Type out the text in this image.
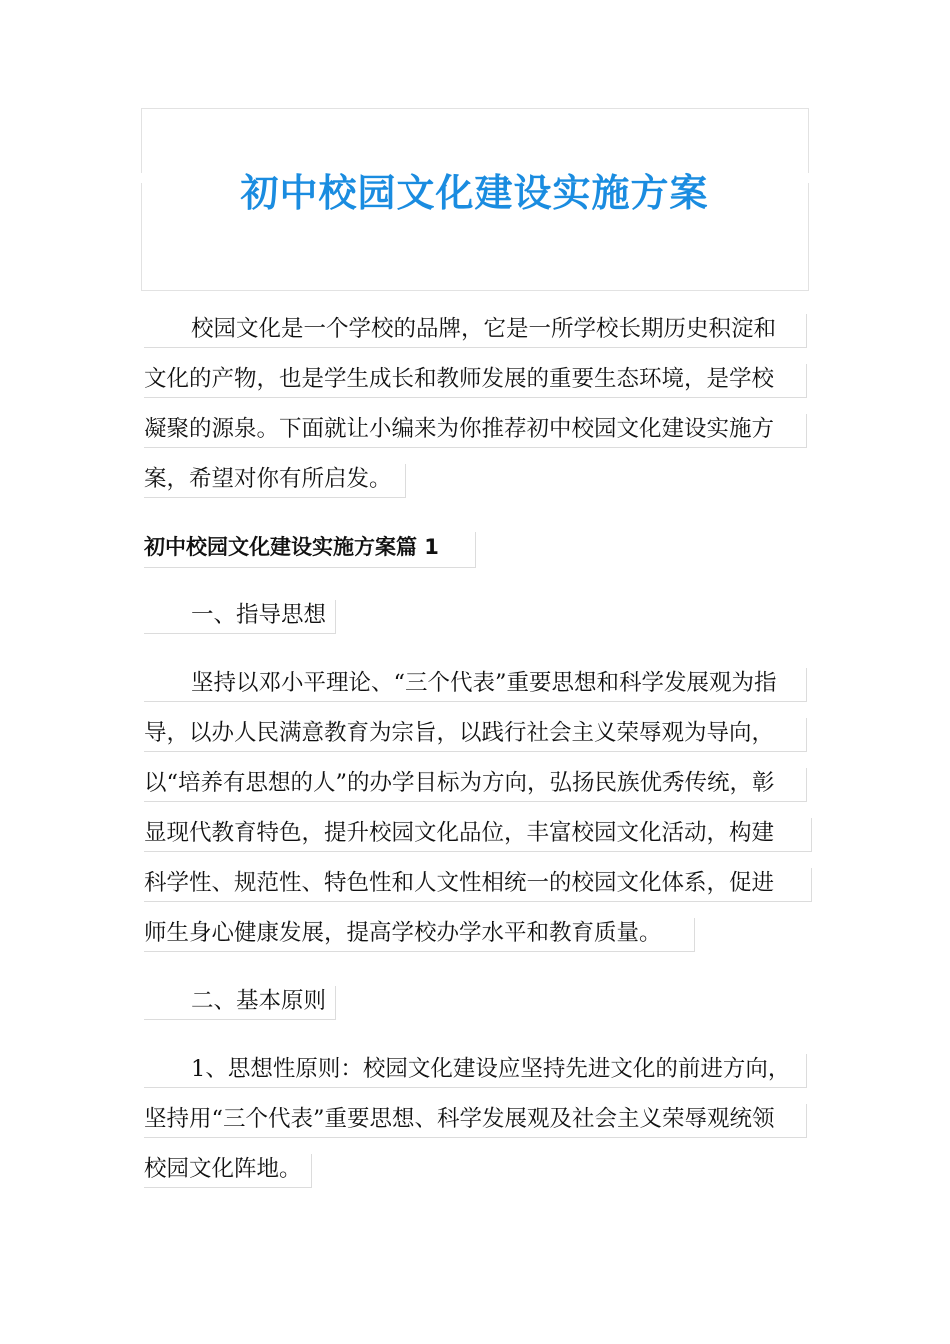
初中校园文化建设实施方案
校园文化是一个学校的品牌，它是一所学校长期历史积淀和
文化的产物，也是学生成长和教师发展的重要生态环境，是学校
凝聚的源泉。下面就让小编来为你推荐初中校园文化建设实施方
案，希望对你有所启发。
初中校园文化建设实施方案篇 1
一、指导思想
坚持以邓小平理论、“三个代表”重要思想和科学发展观为指
导，以办人民满意教育为宗旨，以践行社会主义荣辱观为导向，
以“培养有思想的人”的办学目标为方向，弘扬民族优秀传统，彰
显现代教育特色，提升校园文化品位，丰富校园文化活动，构建
科学性、规范性、特色性和人文性相统一的校园文化体系，促进
师生身心健康发展，提高学校办学水平和教育质量。
二、基本原则
1、思想性原则：校园文化建设应坚持先进文化的前进方向，
坚持用“三个代表”重要思想、科学发展观及社会主义荣辱观统领
校园文化阵地。
